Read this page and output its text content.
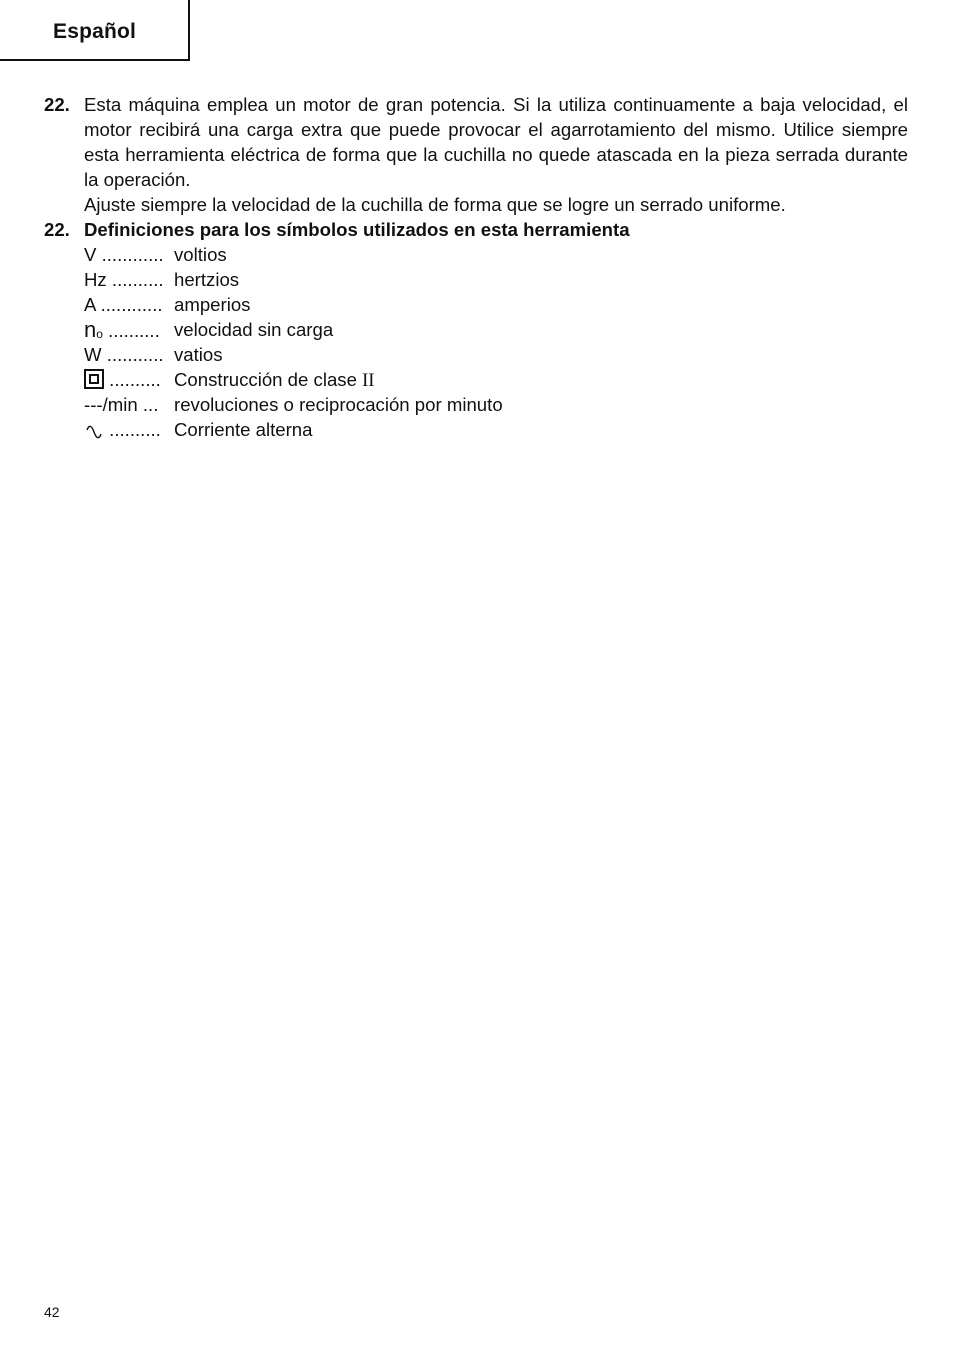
Español
22. Esta máquina emplea un motor de gran potencia. Si la utiliza continuamente a baja velocidad, el motor recibirá una carga extra que puede provocar el agarrotamiento del mismo. Utilice siempre esta herramienta eléctrica de forma que la cuchilla no quede atascada en la pieza serrada durante la operación.

Ajuste siempre la velocidad de la cuchilla de forma que se logre un serrado uniforme.

22. Definiciones para los símbolos utilizados en esta herramienta

V ............ voltios
Hz .......... hertzios
A ............ amperios
no .......... velocidad sin carga
W ........... vatios
.......... Construcción de clase II
---/min ... revoluciones o reciprocación por minuto
.......... Corriente alterna
42
